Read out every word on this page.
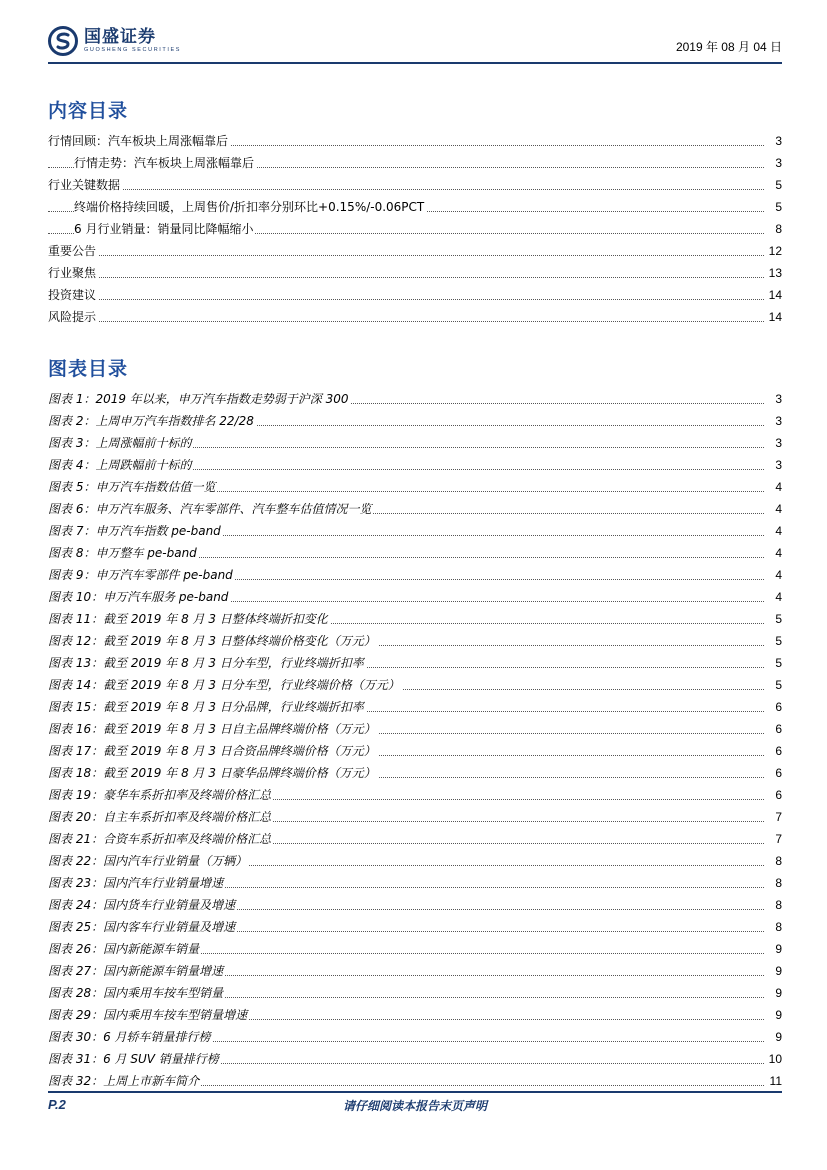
国盛证券
GUOSHENG SECURITIES	2019 年 08 月 04 日
内容目录
行情回顾：汽车板块上周涨幅靠后	3
行情走势：汽车板块上周涨幅靠后	3
行业关键数据	5
终端价格持续回暖，上周售价/折扣率分别环比+0.15%/-0.06PCT	5
6 月行业销量：销量同比降幅缩小	8
重要公告	12
行业聚焦	13
投资建议	14
风险提示	14
图表目录
图表 1：2019 年以来，申万汽车指数走势弱于沪深 300	3
图表 2：上周申万汽车指数排名 22/28	3
图表 3：上周涨幅前十标的	3
图表 4：上周跌幅前十标的	3
图表 5：申万汽车指数估值一览	4
图表 6：申万汽车服务、汽车零部件、汽车整车估值情况一览	4
图表 7：申万汽车指数 pe-band	4
图表 8：申万整车 pe-band	4
图表 9：申万汽车零部件 pe-band	4
图表 10：申万汽车服务 pe-band	4
图表 11：截至 2019 年 8 月 3 日整体终端折扣变化	5
图表 12：截至 2019 年 8 月 3 日整体终端价格变化（万元）	5
图表 13：截至 2019 年 8 月 3 日分车型，行业终端折扣率	5
图表 14：截至 2019 年 8 月 3 日分车型，行业终端价格（万元）	5
图表 15：截至 2019 年 8 月 3 日分品牌，行业终端折扣率	6
图表 16：截至 2019 年 8 月 3 日自主品牌终端价格（万元）	6
图表 17：截至 2019 年 8 月 3 日合资品牌终端价格（万元）	6
图表 18：截至 2019 年 8 月 3 日豪华品牌终端价格（万元）	6
图表 19：豪华车系折扣率及终端价格汇总	6
图表 20：自主车系折扣率及终端价格汇总	7
图表 21：合资车系折扣率及终端价格汇总	7
图表 22：国内汽车行业销量（万辆）	8
图表 23：国内汽车行业销量增速	8
图表 24：国内货车行业销量及增速	8
图表 25：国内客车行业销量及增速	8
图表 26：国内新能源车销量	9
图表 27：国内新能源车销量增速	9
图表 28：国内乘用车按车型销量	9
图表 29：国内乘用车按车型销量增速	9
图表 30：6 月轿车销量排行榜	9
图表 31：6 月 SUV 销量排行榜	10
图表 32：上周上市新车简介	11
P.2	请仔细阅读本报告末页声明
